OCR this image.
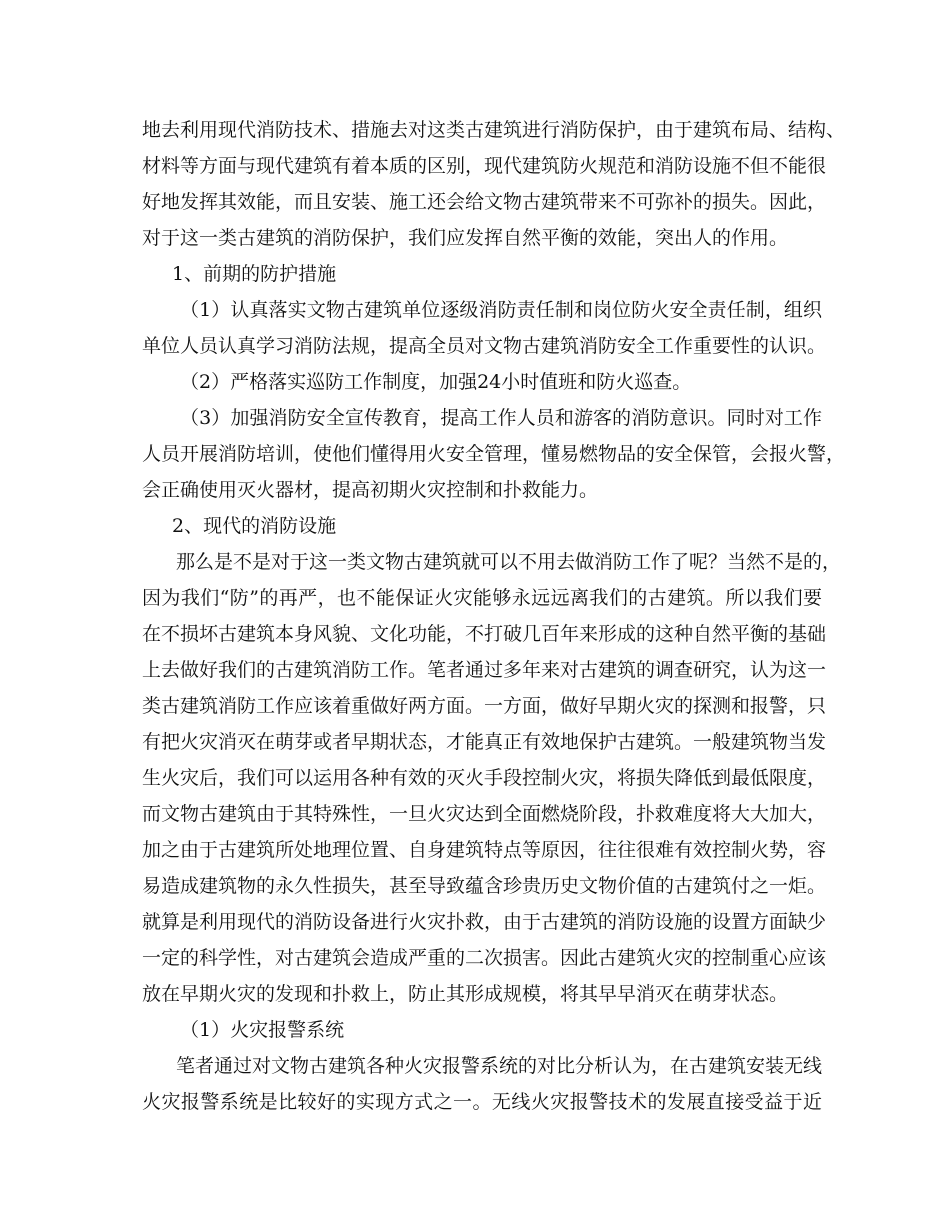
地去利用现代消防技术、措施去对这类古建筑进行消防保护，由于建筑布局、结构、
材料等方面与现代建筑有着本质的区别，现代建筑防火规范和消防设施不但不能很
好地发挥其效能，而且安装、施工还会给文物古建筑带来不可弥补的损失。因此，
对于这一类古建筑的消防保护，我们应发挥自然平衡的效能，突出人的作用。
1、前期的防护措施
（1）认真落实文物古建筑单位逐级消防责任制和岗位防火安全责任制，组织
单位人员认真学习消防法规，提高全员对文物古建筑消防安全工作重要性的认识。
（2）严格落实巡防工作制度，加强24小时值班和防火巡查。
（3）加强消防安全宣传教育，提高工作人员和游客的消防意识。同时对工作
人员开展消防培训，使他们懂得用火安全管理，懂易燃物品的安全保管，会报火警，
会正确使用灭火器材，提高初期火灾控制和扑救能力。
2、现代的消防设施
那么是不是对于这一类文物古建筑就可以不用去做消防工作了呢？当然不是的，
因为我们“防”的再严，也不能保证火灾能够永远远离我们的古建筑。所以我们要
在不损坏古建筑本身风貌、文化功能，不打破几百年来形成的这种自然平衡的基础
上去做好我们的古建筑消防工作。笔者通过多年来对古建筑的调查研究，认为这一
类古建筑消防工作应该着重做好两方面。一方面，做好早期火灾的探测和报警，只
有把火灾消灭在萌芽或者早期状态，才能真正有效地保护古建筑。一般建筑物当发
生火灾后，我们可以运用各种有效的灭火手段控制火灾，将损失降低到最低限度，
而文物古建筑由于其特殊性，一旦火灾达到全面燃烧阶段，扑救难度将大大加大，
加之由于古建筑所处地理位置、自身建筑特点等原因，往往很难有效控制火势，容
易造成建筑物的永久性损失，甚至导致蕴含珍贵历史文物价值的古建筑付之一炬。
就算是利用现代的消防设备进行火灾扑救，由于古建筑的消防设施的设置方面缺少
一定的科学性，对古建筑会造成严重的二次损害。因此古建筑火灾的控制重心应该
放在早期火灾的发现和扑救上，防止其形成规模，将其早早消灭在萌芽状态。
（1）火灾报警系统
笔者通过对文物古建筑各种火灾报警系统的对比分析认为，在古建筑安装无线
火灾报警系统是比较好的实现方式之一。无线火灾报警技术的发展直接受益于近
